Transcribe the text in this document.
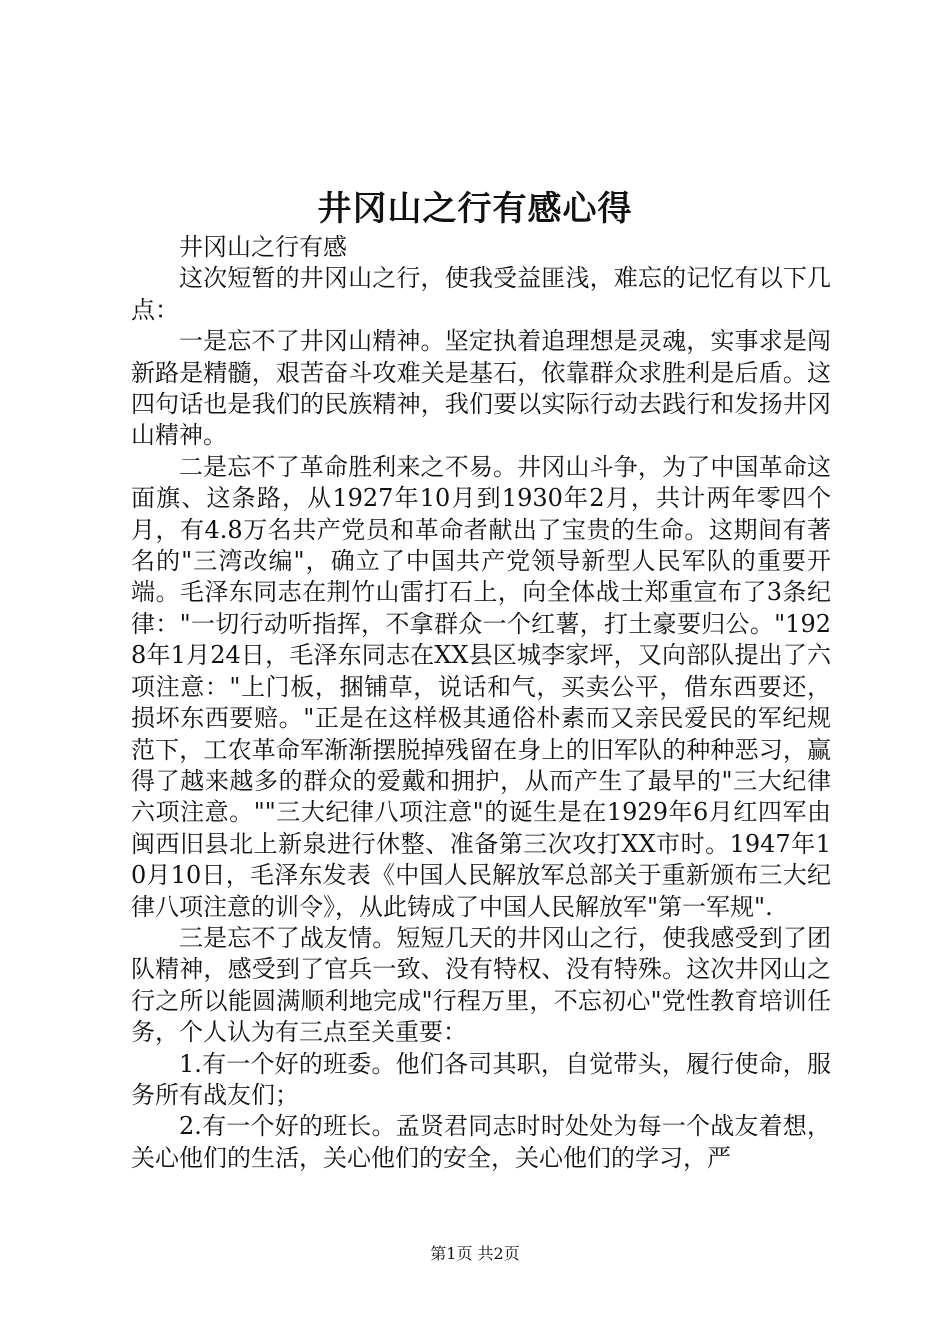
井冈山之行有感心得

井冈山之行有感

这次短暂的井冈山之行，使我受益匪浅，难忘的记忆有以下几点：

一是忘不了井冈山精神。坚定执着追理想是灵魂，实事求是闯新路是精髓，艰苦奋斗攻难关是基石，依靠群众求胜利是后盾。这四句话也是我们的民族精神，我们要以实际行动去践行和发扬井冈山精神。

二是忘不了革命胜利来之不易。井冈山斗争，为了中国革命这面旗、这条路，从1927年10月到1930年2月，共计两年零四个月，有4.8万名共产党员和革命者献出了宝贵的生命。这期间有著名的"三湾改编"，确立了中国共产党领导新型人民军队的重要开端。毛泽东同志在荆竹山雷打石上，向全体战士郑重宣布了3条纪律："一切行动听指挥，不拿群众一个红薯，打土豪要归公。"1928年1月24日，毛泽东同志在XX县区城李家坪，又向部队提出了六项注意："上门板，捆铺草，说话和气，买卖公平，借东西要还，损坏东西要赔。"正是在这样极其通俗朴素而又亲民爱民的军纪规范下，工农革命军渐渐摆脱掉残留在身上的旧军队的种种恶习，赢得了越来越多的群众的爱戴和拥护，从而产生了最早的"三大纪律六项注意。""三大纪律八项注意"的诞生是在1929年6月红四军由闽西旧县北上新泉进行休整、准备第三次攻打XX市时。1947年10月10日，毛泽东发表《中国人民解放军总部关于重新颁布三大纪律八项注意的训令》，从此铸成了中国人民解放军"第一军规".

三是忘不了战友情。短短几天的井冈山之行，使我感受到了团队精神，感受到了官兵一致、没有特权、没有特殊。这次井冈山之行之所以能圆满顺利地完成"行程万里，不忘初心"党性教育培训任务，个人认为有三点至关重要：

1.有一个好的班委。他们各司其职，自觉带头，履行使命，服务所有战友们；

2.有一个好的班长。孟贤君同志时时处处为每一个战友着想，关心他们的生活，关心他们的安全，关心他们的学习，严

第1页 共2页
